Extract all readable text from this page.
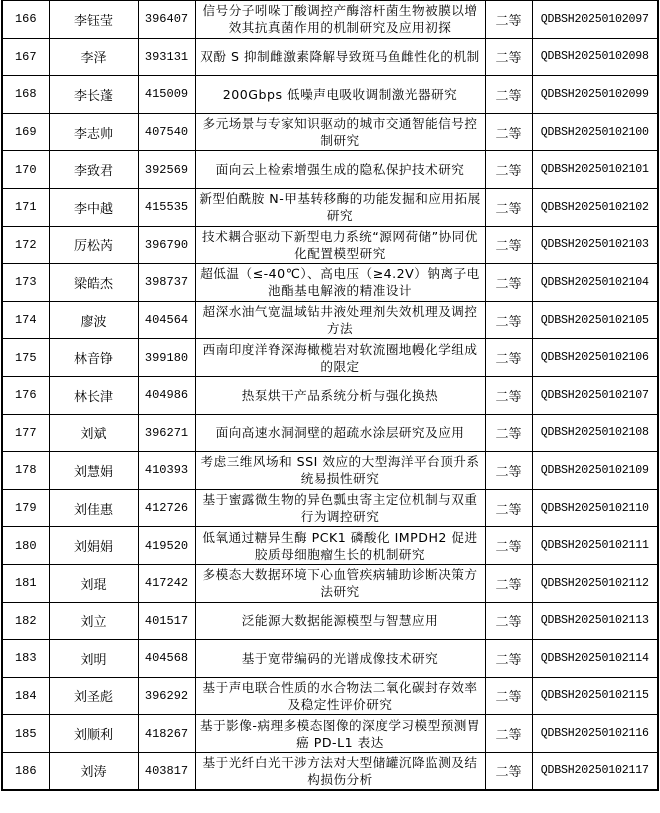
166	李钰莹	396407	信号分子吲哚丁酸调控产酶溶杆菌生物被膜以增效其抗真菌作用的机制研究及应用初探	二等	QDBSH20250102097
167	李泽	393131	双酚 S 抑制雌激素降解导致斑马鱼雌性化的机制	二等	QDBSH20250102098
168	李长蓬	415009	200Gbps 低噪声电吸收调制激光器研究	二等	QDBSH20250102099
169	李志帅	407540	多元场景与专家知识驱动的城市交通智能信号控制研究	二等	QDBSH20250102100
170	李致君	392569	面向云上检索增强生成的隐私保护技术研究	二等	QDBSH20250102101
171	李中越	415535	新型伯酰胺 N-甲基转移酶的功能发掘和应用拓展研究	二等	QDBSH20250102102
172	厉松芮	396790	技术耦合驱动下新型电力系统“源网荷储”协同优化配置模型研究	二等	QDBSH20250102103
173	梁皓杰	398737	超低温（≤-40℃）、高电压（≥4.2V）钠离子电池酯基电解液的精准设计	二等	QDBSH20250102104
174	廖波	404564	超深水油气宽温域钻井液处理剂失效机理及调控方法	二等	QDBSH20250102105
175	林音铮	399180	西南印度洋脊深海橄榄岩对软流圈地幔化学组成的限定	二等	QDBSH20250102106
176	林长津	404986	热泵烘干产品系统分析与强化换热	二等	QDBSH20250102107
177	刘斌	396271	面向高速水洞洞壁的超疏水涂层研究及应用	二等	QDBSH20250102108
178	刘慧娟	410393	考虑三维风场和 SSI 效应的大型海洋平台顶升系统易损性研究	二等	QDBSH20250102109
179	刘佳惠	412726	基于蜜露微生物的异色瓢虫寄主定位机制与双重行为调控研究	二等	QDBSH20250102110
180	刘娟娟	419520	低氧通过糖异生酶 PCK1 磷酸化 IMPDH2 促进胶质母细胞瘤生长的机制研究	二等	QDBSH20250102111
181	刘琨	417242	多模态大数据环境下心血管疾病辅助诊断决策方法研究	二等	QDBSH20250102112
182	刘立	401517	泛能源大数据能源模型与智慧应用	二等	QDBSH20250102113
183	刘明	404568	基于宽带编码的光谱成像技术研究	二等	QDBSH20250102114
184	刘圣彪	396292	基于声电联合性质的水合物法二氧化碳封存效率及稳定性评价研究	二等	QDBSH20250102115
185	刘顺利	418267	基于影像-病理多模态图像的深度学习模型预测胃癌 PD-L1 表达	二等	QDBSH20250102116
186	刘涛	403817	基于光纤白光干涉方法对大型储罐沉降监测及结构损伤分析	二等	QDBSH20250102117
